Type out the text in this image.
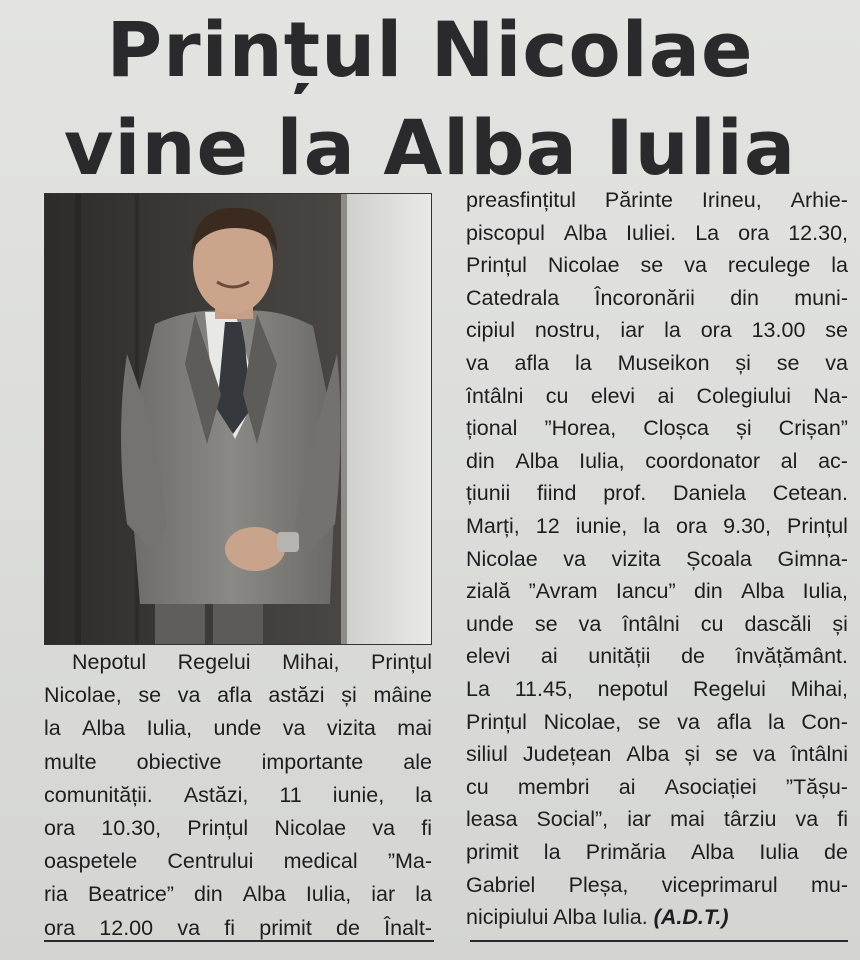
Prințul Nicolae
vine la Alba Iulia
Nepotul Regelui Mihai, Prințul
Nicolae, se va afla astăzi și mâine
la Alba Iulia, unde va vizita mai
multe obiective importante ale
comunității. Astăzi, 11 iunie, la
ora 10.30, Prințul Nicolae va fi
oaspetele Centrului medical ”Ma-
ria Beatrice” din Alba Iulia, iar la
ora 12.00 va fi primit de Înalt-
preasfințitul Părinte Irineu, Arhie-
piscopul Alba Iuliei. La ora 12.30,
Prințul Nicolae se va reculege la
Catedrala Încoronării din muni-
cipiul nostru, iar la ora 13.00 se
va afla la Museikon și se va
întâlni cu elevi ai Colegiului Na-
țional ”Horea, Cloșca și Crișan”
din Alba Iulia, coordonator al ac-
țiunii fiind prof. Daniela Cetean.
Marți, 12 iunie, la ora 9.30, Prințul
Nicolae va vizita Școala Gimna-
zială ”Avram Iancu” din Alba Iulia,
unde se va întâlni cu dascăli și
elevi ai unității de învățământ.
La 11.45, nepotul Regelui Mihai,
Prințul Nicolae, se va afla la Con-
siliul Județean Alba și se va întâlni
cu membri ai Asociației ”Tășu-
leasa Social”, iar mai târziu va fi
primit la Primăria Alba Iulia de
Gabriel Pleșa, viceprimarul mu-
nicipiului Alba Iulia. (A.D.T.)
